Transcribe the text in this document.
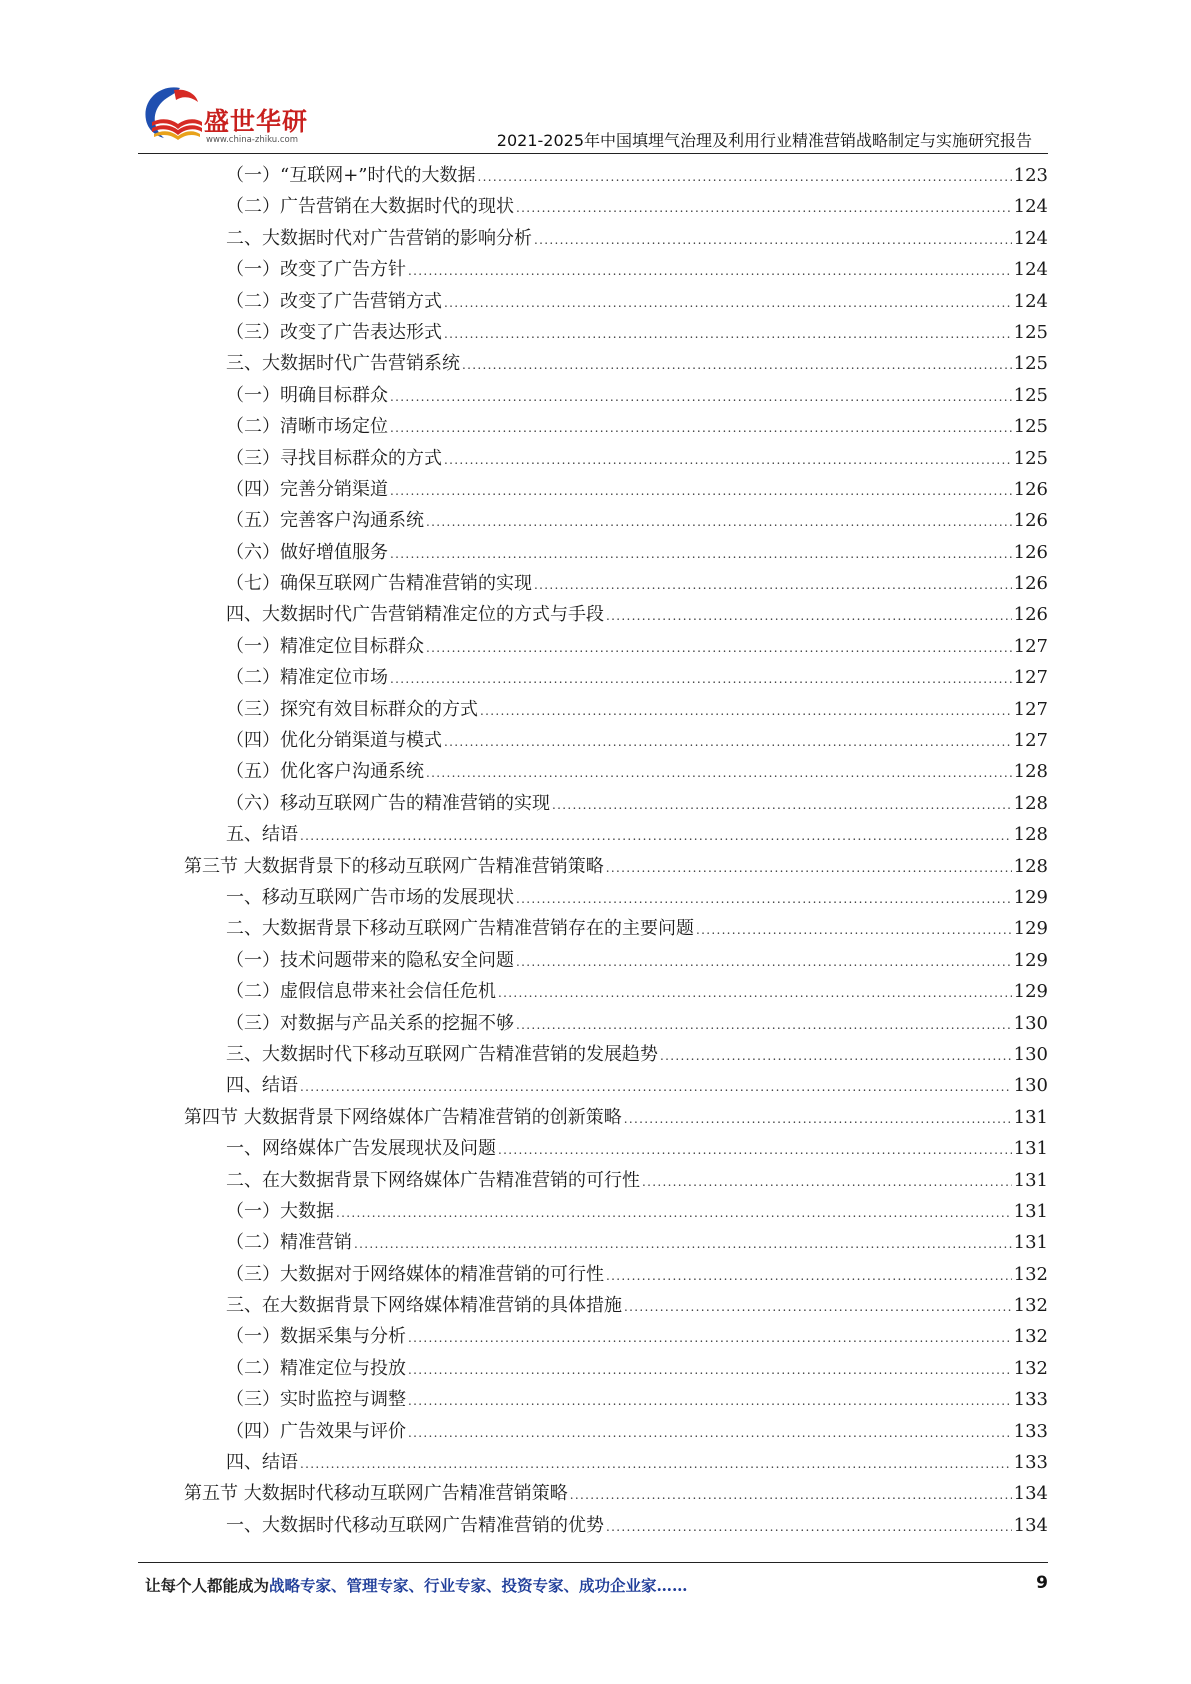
盛世华研
www.china-zhiku.com	2021-2025年中国填埋气治理及利用行业精准营销战略制定与实施研究报告
（一）“互联网+”时代的大数据 .....	123
（二）广告营销在大数据时代的现状 .....	124
二、大数据时代对广告营销的影响分析 .....	124
（一）改变了广告方针 .....	124
（二）改变了广告营销方式 .....	124
（三）改变了广告表达形式 .....	125
三、大数据时代广告营销系统 .....	125
（一）明确目标群众 .....	125
（二）清晰市场定位 .....	125
（三）寻找目标群众的方式 .....	125
（四）完善分销渠道 .....	126
（五）完善客户沟通系统 .....	126
（六）做好增值服务 .....	126
（七）确保互联网广告精准营销的实现 .....	126
四、大数据时代广告营销精准定位的方式与手段 .....	126
（一）精准定位目标群众 .....	127
（二）精准定位市场 .....	127
（三）探究有效目标群众的方式 .....	127
（四）优化分销渠道与模式 .....	127
（五）优化客户沟通系统 .....	128
（六）移动互联网广告的精准营销的实现 .....	128
五、结语 .....	128
第三节 大数据背景下的移动互联网广告精准营销策略 .....	128
一、移动互联网广告市场的发展现状 .....	129
二、大数据背景下移动互联网广告精准营销存在的主要问题 .....	129
（一）技术问题带来的隐私安全问题 .....	129
（二）虚假信息带来社会信任危机 .....	129
（三）对数据与产品关系的挖掘不够 .....	130
三、大数据时代下移动互联网广告精准营销的发展趋势 .....	130
四、结语 .....	130
第四节 大数据背景下网络媒体广告精准营销的创新策略 .....	131
一、网络媒体广告发展现状及问题 .....	131
二、在大数据背景下网络媒体广告精准营销的可行性 .....	131
（一）大数据 .....	131
（二）精准营销 .....	131
（三）大数据对于网络媒体的精准营销的可行性 .....	132
三、在大数据背景下网络媒体精准营销的具体措施 .....	132
（一）数据采集与分析 .....	132
（二）精准定位与投放 .....	132
（三）实时监控与调整 .....	133
（四）广告效果与评价 .....	133
四、结语 .....	133
第五节 大数据时代移动互联网广告精准营销策略 .....	134
一、大数据时代移动互联网广告精准营销的优势 .....	134
让每个人都能成为战略专家、管理专家、行业专家、投资专家、成功企业家……	9
